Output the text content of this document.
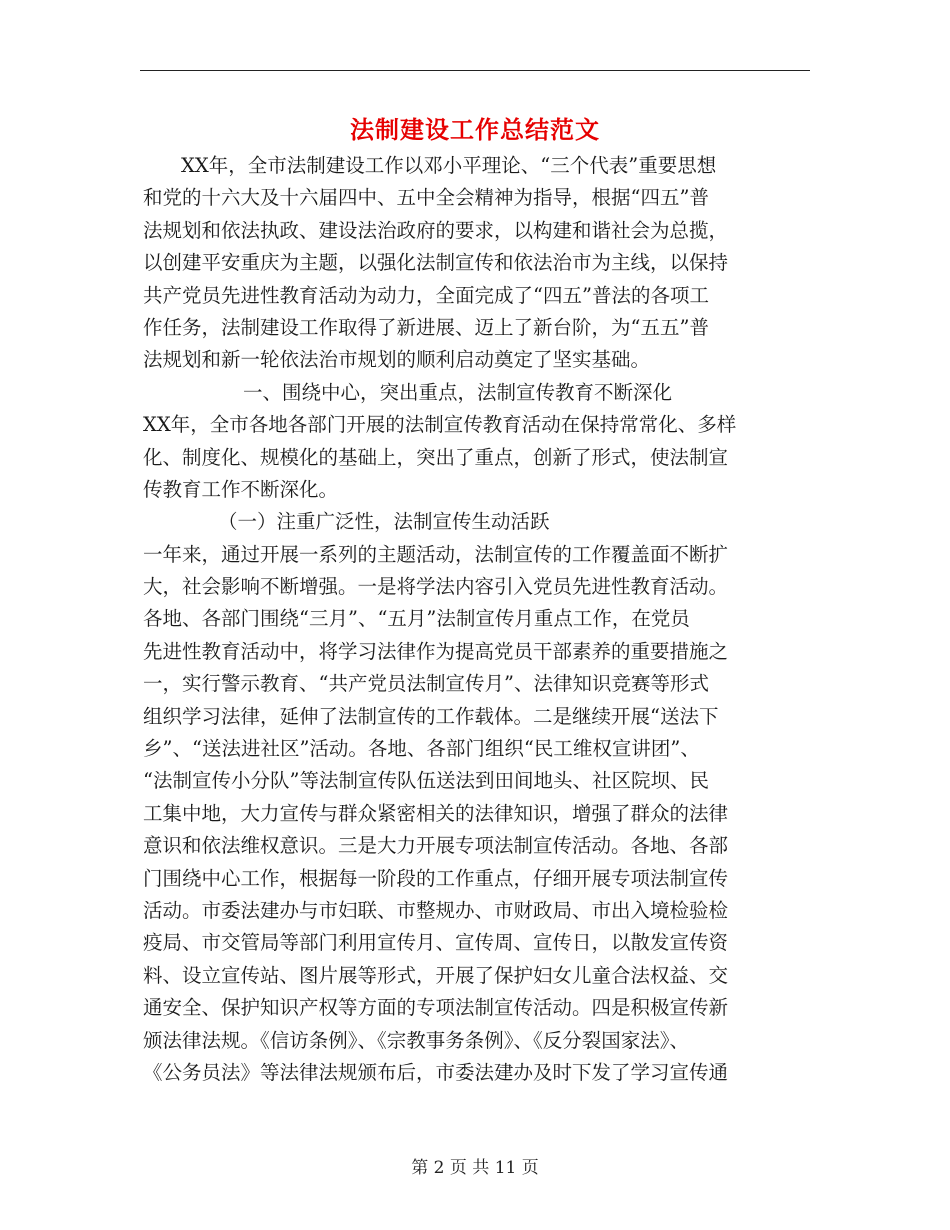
法制建设工作总结范文
XX年，全市法制建设工作以邓小平理论、“三个代表”重要思想
和党的十六大及十六届四中、五中全会精神为指导，根据“四五”普
法规划和依法执政、建设法治政府的要求，以构建和谐社会为总揽，
以创建平安重庆为主题，以强化法制宣传和依法治市为主线，以保持
共产党员先进性教育活动为动力，全面完成了“四五”普法的各项工
作任务，法制建设工作取得了新进展、迈上了新台阶，为“五五”普
法规划和新一轮依法治市规划的顺利启动奠定了坚实基础。
一、围绕中心，突出重点，法制宣传教育不断深化
XX年，全市各地各部门开展的法制宣传教育活动在保持常常化、多样
化、制度化、规模化的基础上，突出了重点，创新了形式，使法制宣
传教育工作不断深化。
（一）注重广泛性，法制宣传生动活跃
一年来，通过开展一系列的主题活动，法制宣传的工作覆盖面不断扩
大，社会影响不断增强。一是将学法内容引入党员先进性教育活动。
各地、各部门围绕“三月”、“五月”法制宣传月重点工作，在党员
先进性教育活动中，将学习法律作为提高党员干部素养的重要措施之
一，实行警示教育、“共产党员法制宣传月”、法律知识竞赛等形式
组织学习法律，延伸了法制宣传的工作载体。二是继续开展“送法下
乡”、“送法进社区”活动。各地、各部门组织“民工维权宣讲团”、
“法制宣传小分队”等法制宣传队伍送法到田间地头、社区院坝、民
工集中地，大力宣传与群众紧密相关的法律知识，增强了群众的法律
意识和依法维权意识。三是大力开展专项法制宣传活动。各地、各部
门围绕中心工作，根据每一阶段的工作重点，仔细开展专项法制宣传
活动。市委法建办与市妇联、市整规办、市财政局、市出入境检验检
疫局、市交管局等部门利用宣传月、宣传周、宣传日，以散发宣传资
料、设立宣传站、图片展等形式，开展了保护妇女儿童合法权益、交
通安全、保护知识产权等方面的专项法制宣传活动。四是积极宣传新
颁法律法规。《信访条例》、《宗教事务条例》、《反分裂国家法》、
《公务员法》等法律法规颁布后，市委法建办及时下发了学习宣传通
第 2 页 共 11 页
